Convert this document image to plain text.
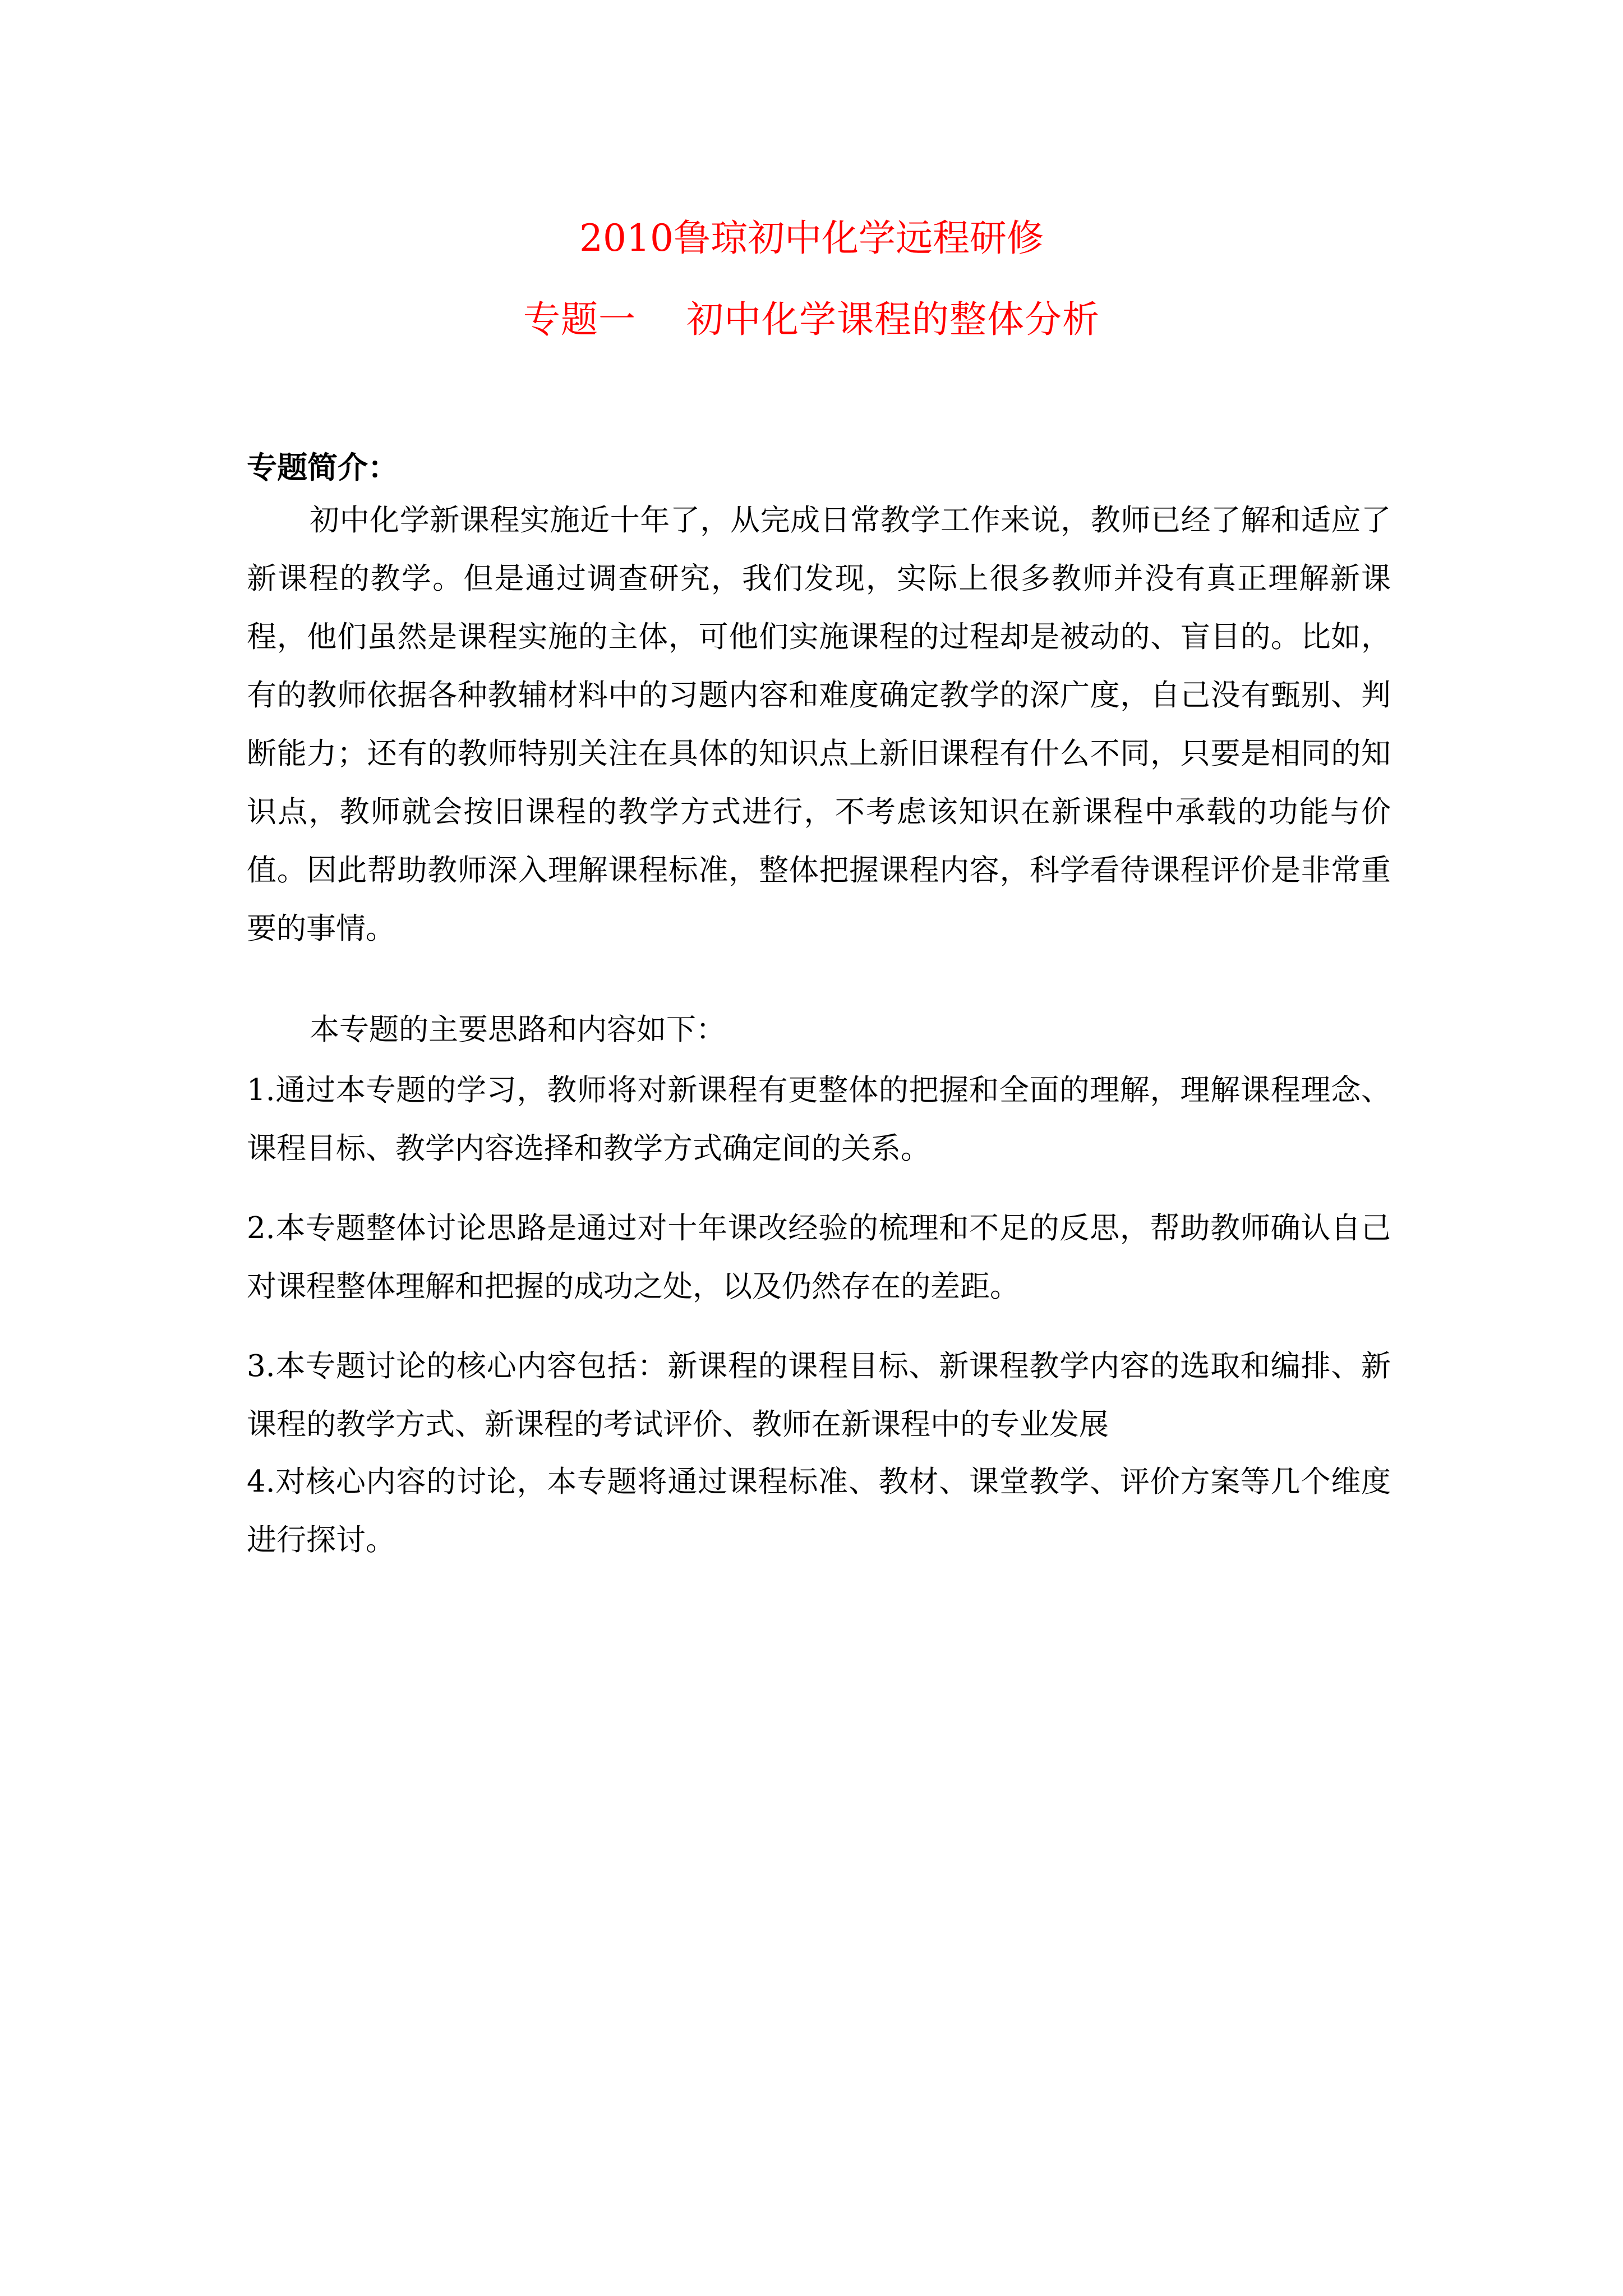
2010鲁琼初中化学远程研修
专题一 初中化学课程的整体分析
专题简介：
初中化学新课程实施近十年了，从完成日常教学工作来说，教师已经了解和适应了新课程的教学。但是通过调查研究，我们发现，实际上很多教师并没有真正理解新课程，他们虽然是课程实施的主体，可他们实施课程的过程却是被动的、盲目的。比如，有的教师依据各种教辅材料中的习题内容和难度确定教学的深广度，自己没有甄别、判断能力；还有的教师特别关注在具体的知识点上新旧课程有什么不同，只要是相同的知识点，教师就会按旧课程的教学方式进行，不考虑该知识在新课程中承载的功能与价值。因此帮助教师深入理解课程标准，整体把握课程内容，科学看待课程评价是非常重要的事情。
本专题的主要思路和内容如下：
1.通过本专题的学习，教师将对新课程有更整体的把握和全面的理解，理解课程理念、课程目标、教学内容选择和教学方式确定间的关系。
2.本专题整体讨论思路是通过对十年课改经验的梳理和不足的反思，帮助教师确认自己对课程整体理解和把握的成功之处，以及仍然存在的差距。
3.本专题讨论的核心内容包括：新课程的课程目标、新课程教学内容的选取和编排、新课程的教学方式、新课程的考试评价、教师在新课程中的专业发展
4.对核心内容的讨论，本专题将通过课程标准、教材、课堂教学、评价方案等几个维度进行探讨。
